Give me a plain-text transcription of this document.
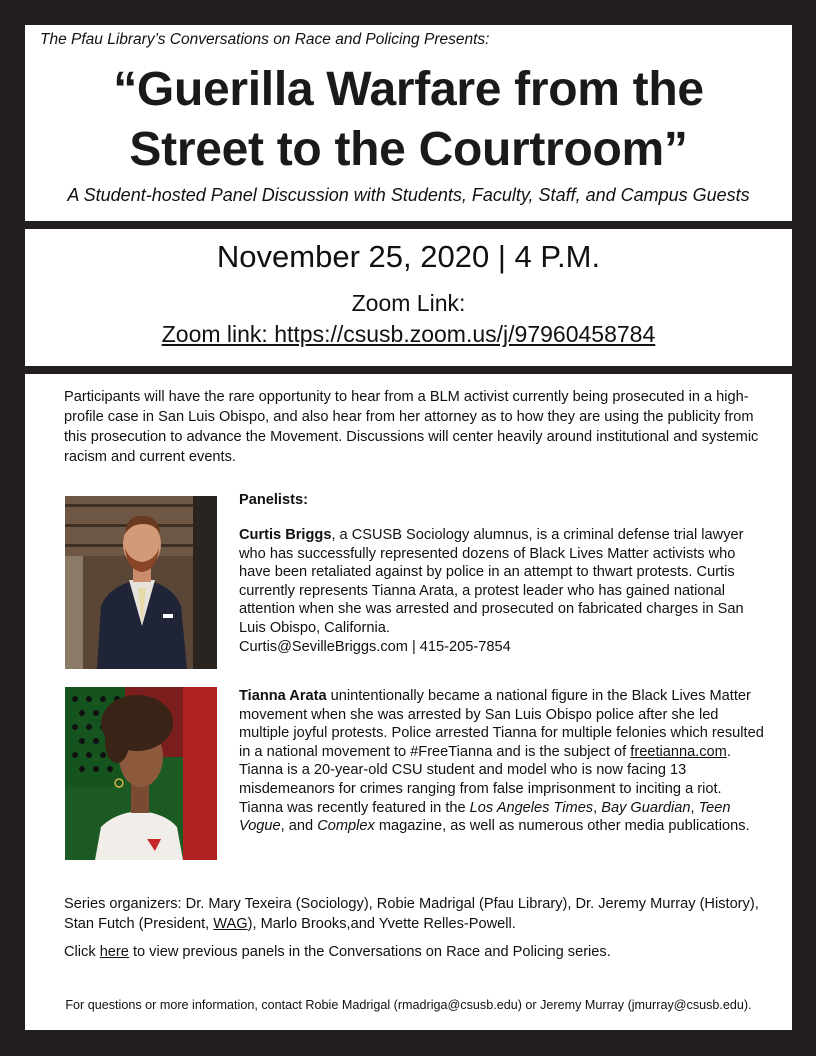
The Pfau Library’s Conversations on Race and Policing Presents:
“Guerilla Warfare from the
Street to the Courtroom”
A Student-hosted Panel Discussion with Students, Faculty, Staff, and Campus Guests
November 25, 2020 | 4 P.M.
Zoom Link:
Zoom link: https://csusb.zoom.us/j/97960458784
Participants will have the rare opportunity to hear from a BLM activist currently being prosecuted in a high-profile case in San Luis Obispo, and also hear from her attorney as to how they are using the publicity from this prosecution to advance the Movement. Discussions will center heavily around institutional and systemic racism and current events.
Panelists:
Curtis Briggs, a CSUSB Sociology alumnus, is a criminal defense trial lawyer who has successfully represented dozens of Black Lives Matter activists who have been retaliated against by police in an attempt to thwart protests. Curtis currently represents Tianna Arata, a protest leader who has gained national attention when she was arrested and prosecuted on fabricated charges in San Luis Obispo, California.
Curtis@SevilleBriggs.com | 415-205-7854
Tianna Arata unintentionally became a national figure in the Black Lives Matter movement when she was arrested by San Luis Obispo police after she led multiple joyful protests. Police arrested Tianna for multiple felonies which resulted in a national movement to #FreeTianna and is the subject of freetianna.com. Tianna is a 20-year-old CSU student and model who is now facing 13 misdemeanors for crimes ranging from false imprisonment to inciting a riot. Tianna was recently featured in the Los Angeles Times, Bay Guardian, Teen Vogue, and Complex magazine, as well as numerous other media publications.
Series organizers: Dr. Mary Texeira (Sociology), Robie Madrigal (Pfau Library), Dr. Jeremy Murray (History), Stan Futch (President, WAG), Marlo Brooks,and Yvette Relles-Powell.
Click here to view previous panels in the Conversations on Race and Policing series.
For questions or more information, contact Robie Madrigal (rmadriga@csusb.edu) or Jeremy Murray (jmurray@csusb.edu).
